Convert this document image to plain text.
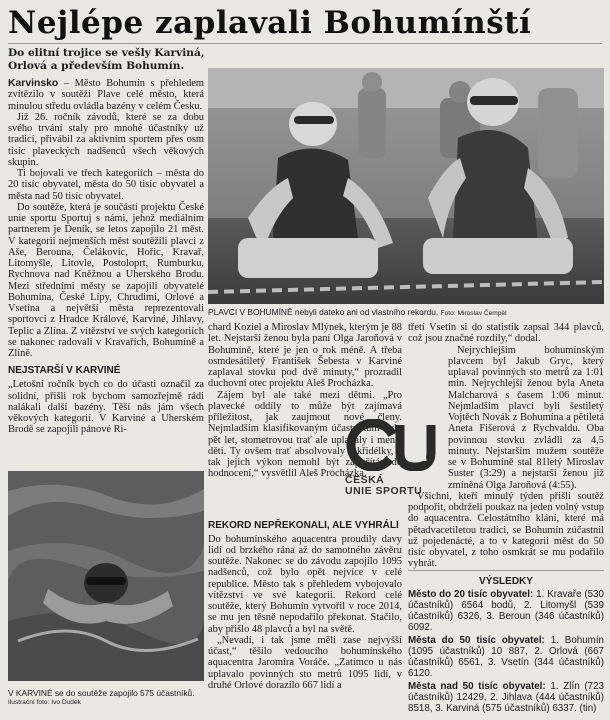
Nejlépe zaplavali Bohumínští
Do elitní trojice se vešly Karviná, Orlová a především Bohumín.

Karvinsko – Město Bohumín s přehledem zvítězilo v soutěži Plave celé město, která minulou středu ovládla bazény v celém Česku.

Již 26. ročník závodů, které se za dobu svého trvání staly pro mnohé účastníky už tradicí, přivábil za aktivním sportem přes osm tisíc plaveckých nadšenců všech věkových skupin.

Ti bojovali ve třech kategoriích – města do 20 tisíc obyvatel, města do 50 tisíc obyvatel a města nad 50 tisíc obyvatel.

Do soutěže, která je součástí projektu České unie sportu Sportuj s námi, jehož mediálním partnerem je Deník, se letos zapojilo 21 měst. V kategorii nejmenších měst soutěžili plavci z Aše, Berouna, Čelákovic, Hořic, Kravař, Litomyšle, Litovle, Postoloprt, Rumburku, Rychnova nad Kněžnou a Uherského Brodu. Mezi středními městy se zapojili obyvatelé Bohumína, České Lípy, Chrudimi, Orlové a Vsetína a největší města reprezentovali sportovci z Hradce Králové, Karviné, Jihlavy, Teplic a Zlína. Z vítězství ve svých kategoriích se nakonec radovali v Kravařích, Bohumíně a Zlíně.

NEJSTARŠÍ V KARVINÉ

„Letošní ročník bych co do účasti označil za solidní, přišli rok bychom samozřejmě rádi nalákali další bazény. Těší nás jám všech věkových kategorií. V Karviné a Uherském Brodě se zapojili pánové Ri-

PLAVCI V BOHUMÍNĚ nebyli dateko ani od vlastního rekordu. Foto: Miroslav Čempěl
V KARVINÉ se do soutěže zapojilo 575 účastníků.
Ilustrační foto: Ivo Dudek

chard Koziel a Miroslav Mlýnek, kterým je 88 let. Nejstarší ženou byla paní Olga Jaroňová v Bohumíně, které je jen o rok méně. A třeba osmdesátiletý František Šebesta v Karviné zaplaval stovku pod dvě minuty,“ prozradil duchovní otec projektu Aleš Procházka.

Zájem byl ale také mezi dětmi. „Pro plavecké oddíly to může být zajímavá příležitost, jak zaujmout nové členy. Nejmladším klasifikovaným účastníkům bylo pět let, stometrovou trať ale uplavaly i menší děti. Ty ovšem trať absolvovaly s křidélky, a tak jejich výkon nemohl být započítán do hodnocení,“ vysvětlil Aleš Procházka.

REKORD NEPŘEKONALI, ALE VYHRÁLI

Do bohumínského aquacentra proudily davy lidí od brzkého rána až do samotného závěru soutěže. Nakonec se do závodu zapojilo 1095 nadšenců, což bylo opět nejvíce v celé republice. Město tak s přehledem vybojovalo vítězství ve své kategorii. Rekord celé soutěže, který Bohumín vytvořil v roce 2014, se mu jen těsně nepodařilo překonat. Stačilo, aby přišlo 48 plavců a byl na světě.

„Nevadí, i tak jsme měli zase nejvyšší účast,“ těšilo vedoucího bohumínského aquacentra Jaromíra Voráče. „Zatímco u nás uplavalo povinných sto metrů 1095 lidí, v druhé Orlové dorazilo 667 lidí a

ČESKÁ
UNIE SPORTU

třetí Vsetín si do statistik zapsal 344 plavců, což jsou značné rozdíly,“ dodal.

Nejrychlejším bohumínským plavcem byl Jakub Gryc, který uplaval povinných sto metrů za 1:01 min. Nejrychlejší ženou byla Aneta Malcharová s časem 1:06 minut. Nejmladším plavci byli šestiletý Vojtěch Novák z Bohumína a pětiletá Aneta Fišerová z Rychvaldu. Oba povinnou stovku zvládli za 4,5 minuty. Nejstarším mužem soutěže se v Bohumíně stal 81letý Miroslav Suster (3:29) a nejstarší ženou již zmíněná Olga Jaroňová (4:55).

Všichni, kteří minulý týden přišli soutěž podpořit, obdrželi poukaz na jeden volný vstup do aquacentra. Celostátního klání, které má pětadvacetiletou tradici, se Bohumín zúčastnil už pojedenácté, a to v kategorii měst do 50 tisíc obyvatel, z toho osmkrát se mu podařilo vyhrát.

VÝSLEDKY
Město do 20 tisíc obyvatel: 1. Kravaře (530 účastníků) 6564 bodů, 2. Litomyšl (539 účastníků) 6326, 3. Beroun (346 účastníků) 6092.
Města do 50 tisíc obyvatel: 1. Bohumín (1095 účastníků) 10 887, 2. Orlová (667 účastníků) 6561, 3. Vsetín (344 účastníků) 6120.
Města nad 50 tisíc obyvatel: 1. Zlín (723 účastníků) 12429, 2. Jihlava (444 účastníků) 8518, 3. Karviná (575 účastníků) 6337. (tin)
